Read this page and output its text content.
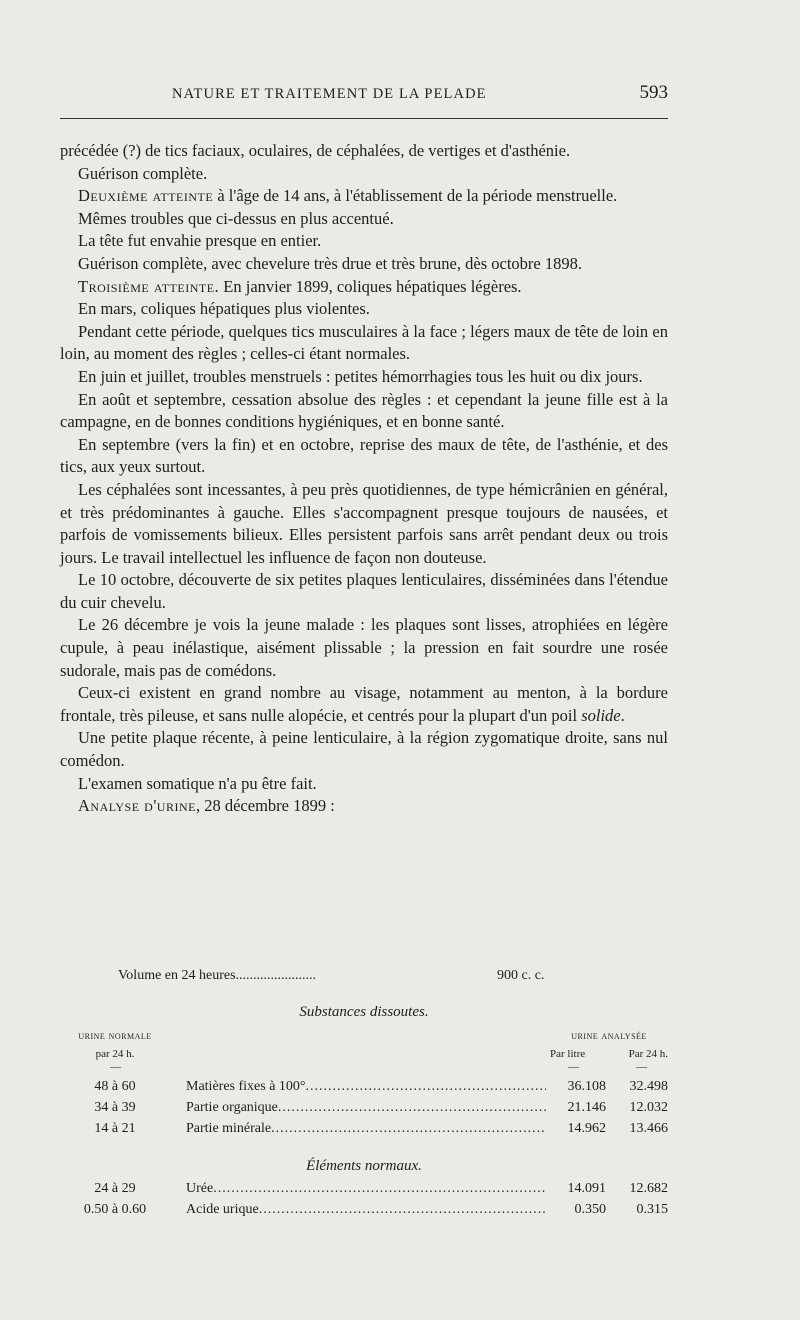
NATURE ET TRAITEMENT DE LA PELADE	593

précédée (?) de tics faciaux, oculaires, de céphalées, de vertiges et d'asthénie.

Guérison complète.

Deuxième atteinte à l'âge de 14 ans, à l'établissement de la période menstruelle.

Mêmes troubles que ci-dessus en plus accentué.

La tête fut envahie presque en entier.

Guérison complète, avec chevelure très drue et très brune, dès octobre 1898.

Troisième atteinte. En janvier 1899, coliques hépatiques légères.

En mars, coliques hépatiques plus violentes.

Pendant cette période, quelques tics musculaires à la face ; légers maux de tête de loin en loin, au moment des règles ; celles-ci étant normales.

En juin et juillet, troubles menstruels : petites hémorrhagies tous les huit ou dix jours.

En août et septembre, cessation absolue des règles : et cependant la jeune fille est à la campagne, en de bonnes conditions hygiéniques, et en bonne santé.

En septembre (vers la fin) et en octobre, reprise des maux de tête, de l'asthénie, et des tics, aux yeux surtout.

Les céphalées sont incessantes, à peu près quotidiennes, de type hémicrânien en général, et très prédominantes à gauche. Elles s'accompagnent presque toujours de nausées, et parfois de vomissements bilieux. Elles persistent parfois sans arrêt pendant deux ou trois jours. Le travail intellectuel les influence de façon non douteuse.

Le 10 octobre, découverte de six petites plaques lenticulaires, disséminées dans l'étendue du cuir chevelu.

Le 26 décembre je vois la jeune malade : les plaques sont lisses, atrophiées en légère cupule, à peau inélastique, aisément plissable ; la pression en fait sourdre une rosée sudorale, mais pas de comédons.

Ceux-ci existent en grand nombre au visage, notamment au menton, à la bordure frontale, très pileuse, et sans nulle alopécie, et centrés pour la plupart d'un poil solide.

Une petite plaque récente, à peine lenticulaire, à la région zygomatique droite, sans nul comédon.

L'examen somatique n'a pu être fait.

Analyse d'urine, 28 décembre 1899 :

Volume en 24 heures.......................	900 c. c.
Substances dissoutes.
urine normale
par 24 h.
urine analysée
Par litre	Par 24 h.
—	—	—
48 à 60	Matières fixes à 100° .....	36.108	32.498
34 à 39	Partie organique .....	21.146	12.032
14 à 21	Partie minérale .....	14.962	13.466
Éléments normaux.
24 à 29	Urée .....	14.091	12.682
0.50 à 0.60	Acide urique .....	0.350	0.315
